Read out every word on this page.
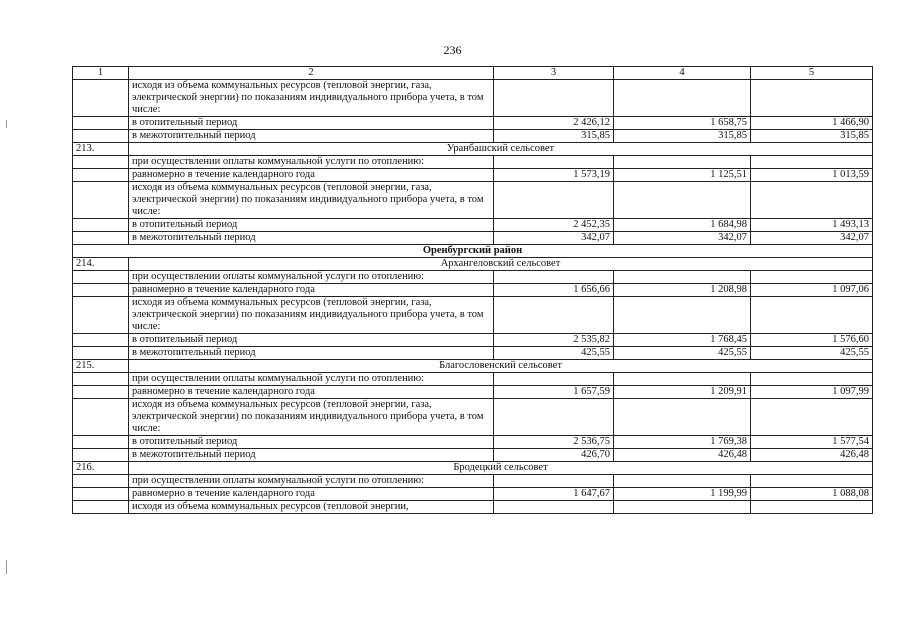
236
1	2	3	4	5
	исходя из объема коммунальных ресурсов (тепловой энергии, газа, электрической энергии) по показаниям индивидуального прибора учета, в том числе:			
	в отопительный период	2 426,12	1 658,75	1 466,90
	в межотопительный период	315,85	315,85	315,85
213.	Уранбашский сельсовет			
	при осуществлении оплаты коммунальной услуги по отоплению:			
	равномерно в течение календарного года	1 573,19	1 125,51	1 013,59
	исходя из объема коммунальных ресурсов (тепловой энергии, газа, электрической энергии) по показаниям индивидуального прибора учета, в том числе:			
	в отопительный период	2 452,35	1 684,98	1 493,13
	в межотопительный период	342,07	342,07	342,07
Оренбургский район				
214.	Архангеловский сельсовет			
	при осуществлении оплаты коммунальной услуги по отоплению:			
	равномерно в течение календарного года	1 656,66	1 208,98	1 097,06
	исходя из объема коммунальных ресурсов (тепловой энергии, газа, электрической энергии) по показаниям индивидуального прибора учета, в том числе:			
	в отопительный период	2 535,82	1 768,45	1 576,60
	в межотопительный период	425,55	425,55	425,55
215.	Благословенский сельсовет			
	при осуществлении оплаты коммунальной услуги по отоплению:			
	равномерно в течение календарного года	1 657,59	1 209,91	1 097,99
	исходя из объема коммунальных ресурсов (тепловой энергии, газа, электрической энергии) по показаниям индивидуального прибора учета, в том числе:			
	в отопительный период	2 536,75	1 769,38	1 577,54
	в межотопительный период	426,70	426,48	426,48
216.	Бродецкий сельсовет			
	при осуществлении оплаты коммунальной услуги по отоплению:			
	равномерно в течение календарного года	1 647,67	1 199,99	1 088,08
	исходя из объема коммунальных ресурсов (тепловой энергии,			
